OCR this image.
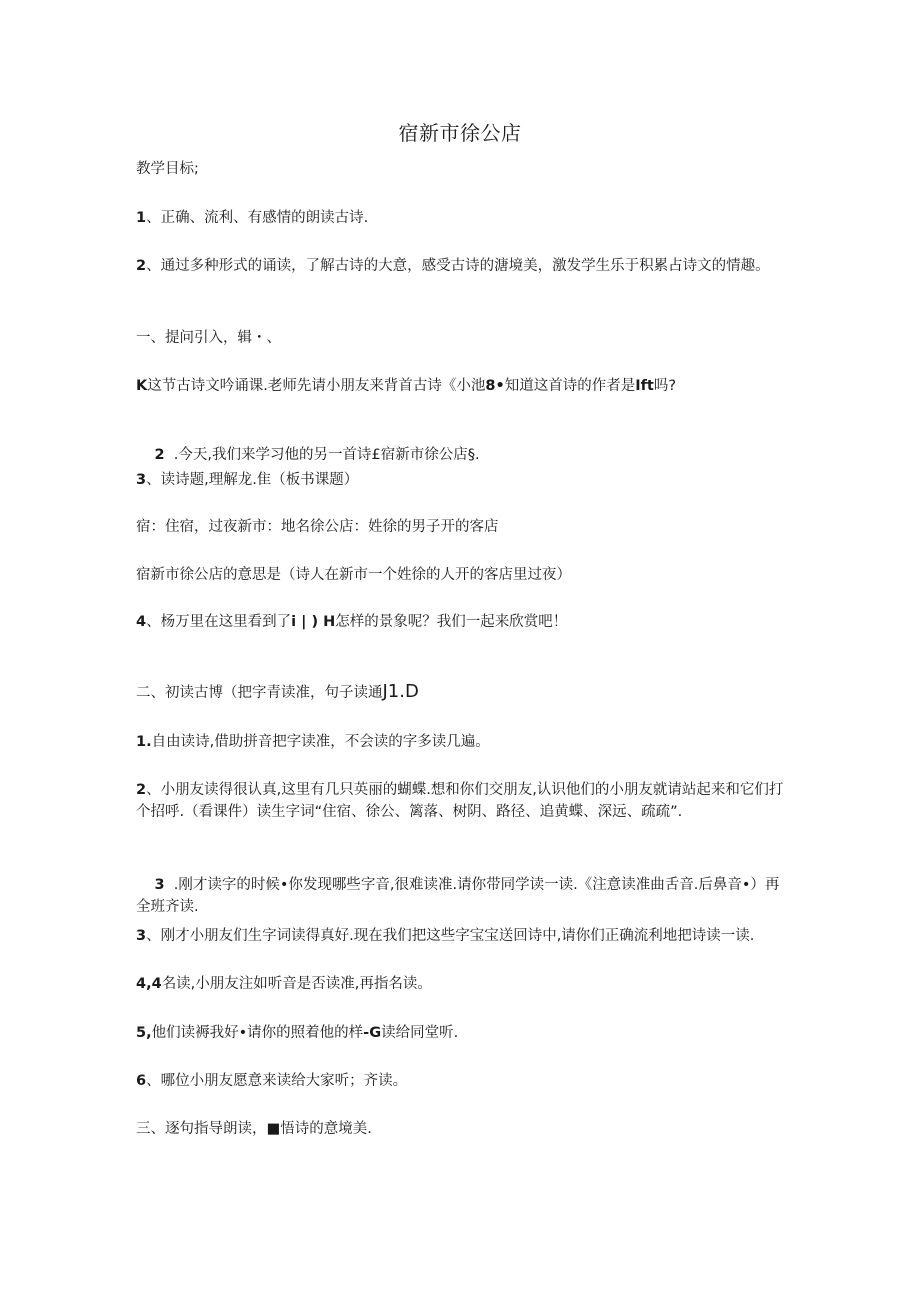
宿新市徐公店
教学目标;
1、正确、流利、有感情的朗读古诗.
2、通过多种形式的诵读，了解古诗的大意，感受古诗的溏境美，激发学生乐于积累占诗文的情趣。
一、提问引入，辑・、
K这节古诗文吟诵课.老师先请小朋友来背首古诗《小池8•知道这首诗的作者是Ift吗?

2  .今天,我们来学习他的另一首诗£宿新市徐公店§.

3、读诗题,理解龙.隹（板书课题）
宿：住宿，过夜新市：地名徐公店：姓徐的男子开的客店
宿新市徐公店的意思是（诗人在新市一个姓徐的人开的客店里过夜）
4、杨万里在这里看到了i | ) H怎样的景象呢？我们一起来欣赏吧！
二、初读古博（把字青读准，句子读通J1.D
1.自由读诗,借助拼音把字读准，不会读的字多读几遍。
2、小朋友读得很认真,这里有几只英丽的蝴蝶.想和你们交朋友,认识他们的小朋友就请站起来和它们打个招呼.（看课件）读生字词“住宿、徐公、篱落、树阴、路径、追黄蝶、深远、疏疏”.

3  .刚才读字的时候•你发现哪些字音,很难读准.请你带同学读一读.《注意读准曲舌音.后鼻音•）再全班齐读.

3、刚才小朋友们生字词读得真好.现在我们把这些字宝宝送回诗中,请你们正确流利地把诗读一读.
4,4名读,小朋友注如听音是否读准,再指名读。
5,他们读褥我好•请你的照着他的样-G读给同堂听.
6、哪位小朋友愿意来读给大家听；齐读。
三、逐句指导朗读，■悟诗的意境美.
